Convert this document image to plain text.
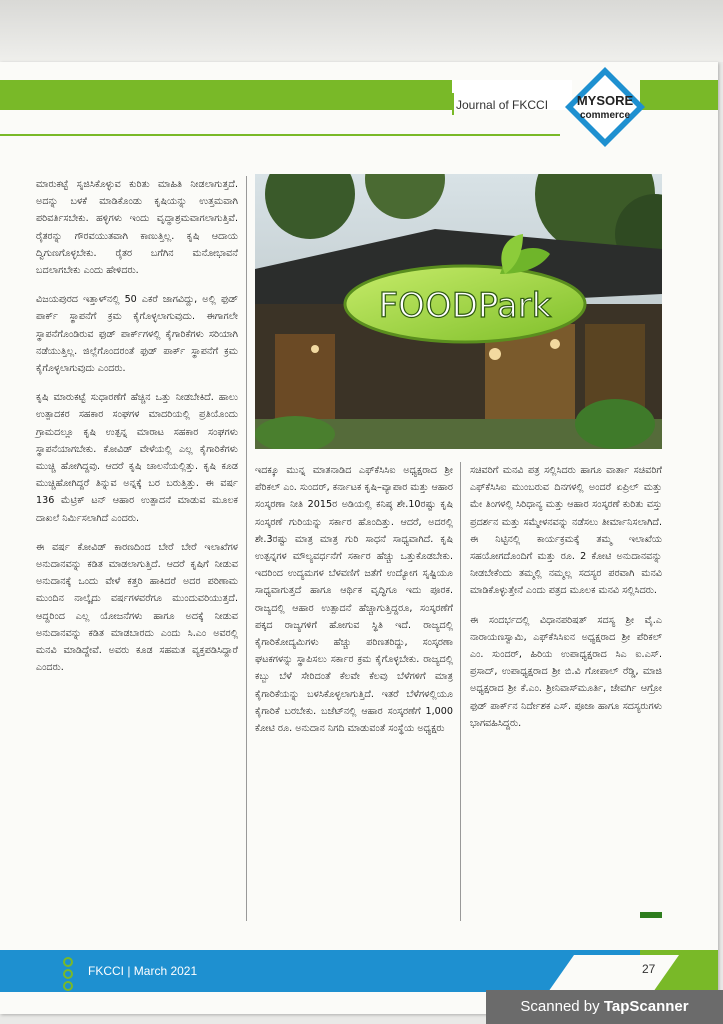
Journal of FKCCI MYSORE
commerce

ಮಾರುಕಟ್ಟೆ ಸೃಜಿಸಿಕೊಳ್ಳುವ ಕುರಿತು ಮಾಹಿತಿ ನೀಡಲಾಗುತ್ತದೆ. ಅದನ್ನು ಬಳಕೆ ಮಾಡಿಕೊಂಡು ಕೃಷಿಯನ್ನು ಉತ್ತಮವಾಗಿ ಪರಿವರ್ತಿಸಬೇಕು. ಹಳ್ಳಿಗಳು ಇಂದು ವೃದ್ಧಾಶ್ರಮವಾಗಲಾಗುತ್ತಿವೆ. ರೈತರನ್ನು ಗೌರವಯುತವಾಗಿ ಕಾಣುತ್ತಿಲ್ಲ. ಕೃಷಿ ಆದಾಯ ದ್ವಿಗುಣಗೊಳ್ಳಬೇಕು. ರೈತರ ಬಗೆಗಿನ ಮನೋಭಾವನೆ ಬದಲಾಗಬೇಕು ಎಂದು ಹೇಳಿದರು.

ವಿಜಯಪುರದ ಇತ್ತಾಳ್‌ನಲ್ಲಿ 50 ಎಕರೆ ಜಾಗವಿದ್ದು, ಅಲ್ಲಿ ಫುಡ್ ಪಾರ್ಕ್ ಸ್ಥಾಪನೆಗೆ ಕ್ರಮ ಕೈಗೊಳ್ಳಲಾಗುವುದು. ಈಗಾಗಲೇ ಸ್ಥಾಪನೆಗೊಂಡಿರುವ ಫುಡ್ ಪಾರ್ಕ್‌ಗಳಲ್ಲಿ ಕೈಗಾರಿಕೆಗಳು ಸರಿಯಾಗಿ ನಡೆಯುತ್ತಿಲ್ಲ. ಜಿಲ್ಲೆಗೊಂದರಂತೆ ಫುಡ್ ಪಾರ್ಕ್ ಸ್ಥಾಪನೆಗೆ ಕ್ರಮ ಕೈಗೊಳ್ಳಲಾಗುವುದು ಎಂದರು.

ಕೃಷಿ ಮಾರುಕಟ್ಟೆ ಸುಧಾರಣೆಗೆ ಹೆಚ್ಚಿನ ಒತ್ತು ನೀಡಬೇಕಿದೆ. ಹಾಲು ಉತ್ಪಾದಕರ ಸಹಕಾರ ಸಂಘಗಳ ಮಾದರಿಯಲ್ಲಿ ಪ್ರತಿಯೊಂದು ಗ್ರಾಮದಲ್ಲೂ ಕೃಷಿ ಉತ್ಪನ್ನ ಮಾರಾಟ ಸಹಕಾರ ಸಂಘಗಳು ಸ್ಥಾಪನೆಯಾಗಬೇಕು. ಕೋವಿಡ್ ವೇಳೆಯಲ್ಲಿ ಎಲ್ಲ ಕೈಗಾರಿಕೆಗಳು ಮುಚ್ಚಿ ಹೋಗಿದ್ದವು. ಆದರೆ ಕೃಷಿ ಚಾಲನೆಯಲ್ಲಿತ್ತು. ಕೃಷಿ ಕೂಡ ಮುಚ್ಚಿಹೋಗಿದ್ದರೆ ತಿನ್ನುವ ಅನ್ನಕ್ಕೆ ಬರ ಬರುತ್ತಿತ್ತು. ಈ ವರ್ಷ 136 ಮೆಟ್ರಿಕ್ ಟನ್ ಆಹಾರ ಉತ್ಪಾದನೆ ಮಾಡುವ ಮೂಲಕ ದಾಖಲೆ ನಿರ್ಮಿಸಲಾಗಿದೆ ಎಂದರು.

ಈ ವರ್ಷ ಕೋವಿಡ್ ಕಾರಣದಿಂದ ಬೇರೆ ಬೇರೆ ಇಲಾಖೆಗಳ ಅನುದಾನವನ್ನು ಕಡಿತ ಮಾಡಲಾಗುತ್ತಿದೆ. ಆದರೆ ಕೃಷಿಗೆ ನೀಡುವ ಅನುದಾನಕ್ಕೆ ಒಂದು ವೇಳೆ ಕತ್ತರಿ ಹಾಕಿದರೆ ಅದರ ಪರಿಣಾಮ ಮುಂದಿನ ನಾಲ್ಕೈದು ವರ್ಷಗಳವರೆಗೂ ಮುಂದುವರಿಯುತ್ತದೆ. ಆದ್ದರಿಂದ ಎಲ್ಲ ಯೋಜನೆಗಳು ಹಾಗೂ ಅದಕ್ಕೆ ನೀಡುವ ಅನುದಾನವನ್ನು ಕಡಿತ ಮಾಡಬಾರದು ಎಂದು ಸಿ.ಎಂ ಅವರಲ್ಲಿ ಮನವಿ ಮಾಡಿದ್ದೇವೆ. ಅವರು ಕೂಡ ಸಹಮತ ವ್ಯಕ್ತಪಡಿಸಿದ್ದಾರೆ ಎಂದರು.

FOODPark

ಇದಕ್ಕೂ ಮುನ್ನ ಮಾತನಾಡಿದ ಎಫ್‌ಕೆಸಿಸಿಐ ಅಧ್ಯಕ್ಷರಾದ ಶ್ರೀ ಪೆರಿಕಲ್ ಎಂ. ಸುಂದರ್, ಕರ್ನಾಟಕ ಕೃಷಿ–ವ್ಯಾಪಾರ ಮತ್ತು ಆಹಾರ ಸಂಸ್ಕರಣಾ ನೀತಿ 2015ರ ಅಡಿಯಲ್ಲಿ ಕನಿಷ್ಠ ಶೇ.10ರಷ್ಟು ಕೃಷಿ ಸಂಸ್ಕರಣೆ ಗುರಿಯನ್ನು ಸರ್ಕಾರ ಹೊಂದಿತ್ತು. ಆದರೆ, ಅದರಲ್ಲಿ ಶೇ.3ರಷ್ಟು ಮಾತ್ರ ಮಾತ್ರ ಗುರಿ ಸಾಧನೆ ಸಾಧ್ಯವಾಗಿದೆ. ಕೃಷಿ ಉತ್ಪನ್ನಗಳ ಮೌಲ್ಯವರ್ಧನೆಗೆ ಸರ್ಕಾರ ಹೆಚ್ಚು ಒತ್ತುಕೊಡಬೇಕು. ಇದರಿಂದ ಉದ್ಯಮಗಳ ಬೆಳವಣಿಗೆ ಜತೆಗೆ ಉದ್ಯೋಗ ಸೃಷ್ಟಿಯೂ ಸಾಧ್ಯವಾಗುತ್ತದೆ ಹಾಗೂ ಆರ್ಥಿಕ ವೃದ್ಧಿಗೂ ಇದು ಪೂರಕ. ರಾಜ್ಯದಲ್ಲಿ ಆಹಾರ ಉತ್ಪಾದನೆ ಹೆಚ್ಚಾಗುತ್ತಿದ್ದರೂ, ಸಂಸ್ಕರಣೆಗೆ ಪಕ್ಕದ ರಾಜ್ಯಗಳಿಗೆ ಹೋಗುವ ಸ್ಥಿತಿ ಇದೆ. ರಾಜ್ಯದಲ್ಲಿ ಕೈಗಾರಿಕೋದ್ಯಮಿಗಳು ಹೆಚ್ಚು ಪರಿಣತರಿದ್ದು, ಸಂಸ್ಕರಣಾ ಘಟಕಗಳನ್ನು ಸ್ಥಾಪಿಸಲು ಸರ್ಕಾರ ಕ್ರಮ ಕೈಗೊಳ್ಳಬೇಕು. ರಾಜ್ಯದಲ್ಲಿ ಕಬ್ಬು ಬೆಳೆ ಸೇರಿದಂತೆ ಕೆಲವೇ ಕೆಲವು ಬೆಳೆಗಳಿಗೆ ಮಾತ್ರ ಕೈಗಾರಿಕೆಯನ್ನು ಬಳಸಿಕೊಳ್ಳಲಾಗುತ್ತಿದೆ. ಇತರೆ ಬೆಳೆಗಳಲ್ಲಿಯೂ ಕೈಗಾರಿಕೆ ಬರಬೇಕು. ಬಜೆಟ್‌ನಲ್ಲಿ ಆಹಾರ ಸಂಸ್ಕರಣೆಗೆ 1,000 ಕೋಟಿ ರೂ. ಅನುದಾನ ನಿಗದಿ ಮಾಡುವಂತೆ ಸಂಸ್ಥೆಯ ಅಧ್ಯಕ್ಷರು

ಸಚಿವರಿಗೆ ಮನವಿ ಪತ್ರ ಸಲ್ಲಿಸಿದರು ಹಾಗೂ ವಾರ್ತಾ ಸಚಿವರಿಗೆ ಎಫ್‌ಕೆಸಿಸಿಐ ಮುಂಬರುವ ದಿನಗಳಲ್ಲಿ ಅಂದರೆ ಏಪ್ರಿಲ್ ಮತ್ತು ಮೇ ತಿಂಗಳಲ್ಲಿ ಸಿರಿಧಾನ್ಯ ಮತ್ತು ಆಹಾರ ಸಂಸ್ಕರಣೆ ಕುರಿತು ವಸ್ತು ಪ್ರದರ್ಶನ ಮತ್ತು ಸಮ್ಮೇಳನವನ್ನು ನಡೆಸಲು ತೀರ್ಮಾನಿಸಲಾಗಿದೆ. ಈ ನಿಟ್ಟಿನಲ್ಲಿ ಕಾರ್ಯಕ್ರಮಕ್ಕೆ ತಮ್ಮ ಇಲಾಖೆಯ ಸಹಯೋಗದೊಂದಿಗೆ ಮತ್ತು ರೂ. 2 ಕೋಟಿ ಅನುದಾನವನ್ನು ನೀಡಬೇಕೆಂದು ತಮ್ಮಲ್ಲಿ ನಮ್ಮಲ್ಲ ಸದಸ್ಯರ ಪರವಾಗಿ ಮನವಿ ಮಾಡಿಕೊಳ್ಳುತ್ತೇನೆ ಎಂದು ಪತ್ರದ ಮೂಲಕ ಮನವಿ ಸಲ್ಲಿಸಿದರು.

ಈ ಸಂದರ್ಭದಲ್ಲಿ ವಿಧಾನಪರಿಷತ್ ಸದಸ್ಯ ಶ್ರೀ ವೈ.ಎ ನಾರಾಯಣಸ್ವಾಮಿ, ಎಫ್‌ಕೆಸಿಸಿಐನ ಅಧ್ಯಕ್ಷರಾದ ಶ್ರೀ ಪೆರಿಕಲ್ ಎಂ. ಸುಂದರ್, ಹಿರಿಯ ಉಪಾಧ್ಯಕ್ಷರಾದ ಸಿಎ ಐ.ಎಸ್. ಪ್ರಸಾದ್, ಉಪಾಧ್ಯಕ್ಷರಾದ ಶ್ರೀ ಬಿ.ವಿ ಗೋಪಾಲ್ ರೆಡ್ಡಿ, ಮಾಜಿ ಅಧ್ಯಕ್ಷರಾದ ಶ್ರೀ ಕೆ.ಎಂ. ಶ್ರೀನಿವಾಸ್‌ಮೂರ್ತಿ, ಜೇವರ್ಗಿ ಆಗ್ರೋ ಫುಡ್ ಪಾರ್ಕ್‌ನ ನಿರ್ದೇಶಕ ಎಸ್. ಪೂಜಾ ಹಾಗೂ ಸದಸ್ಯರುಗಳು ಭಾಗವಹಿಸಿದ್ದರು.

FKCCI | March 2021	27
Scanned by TapScanner
